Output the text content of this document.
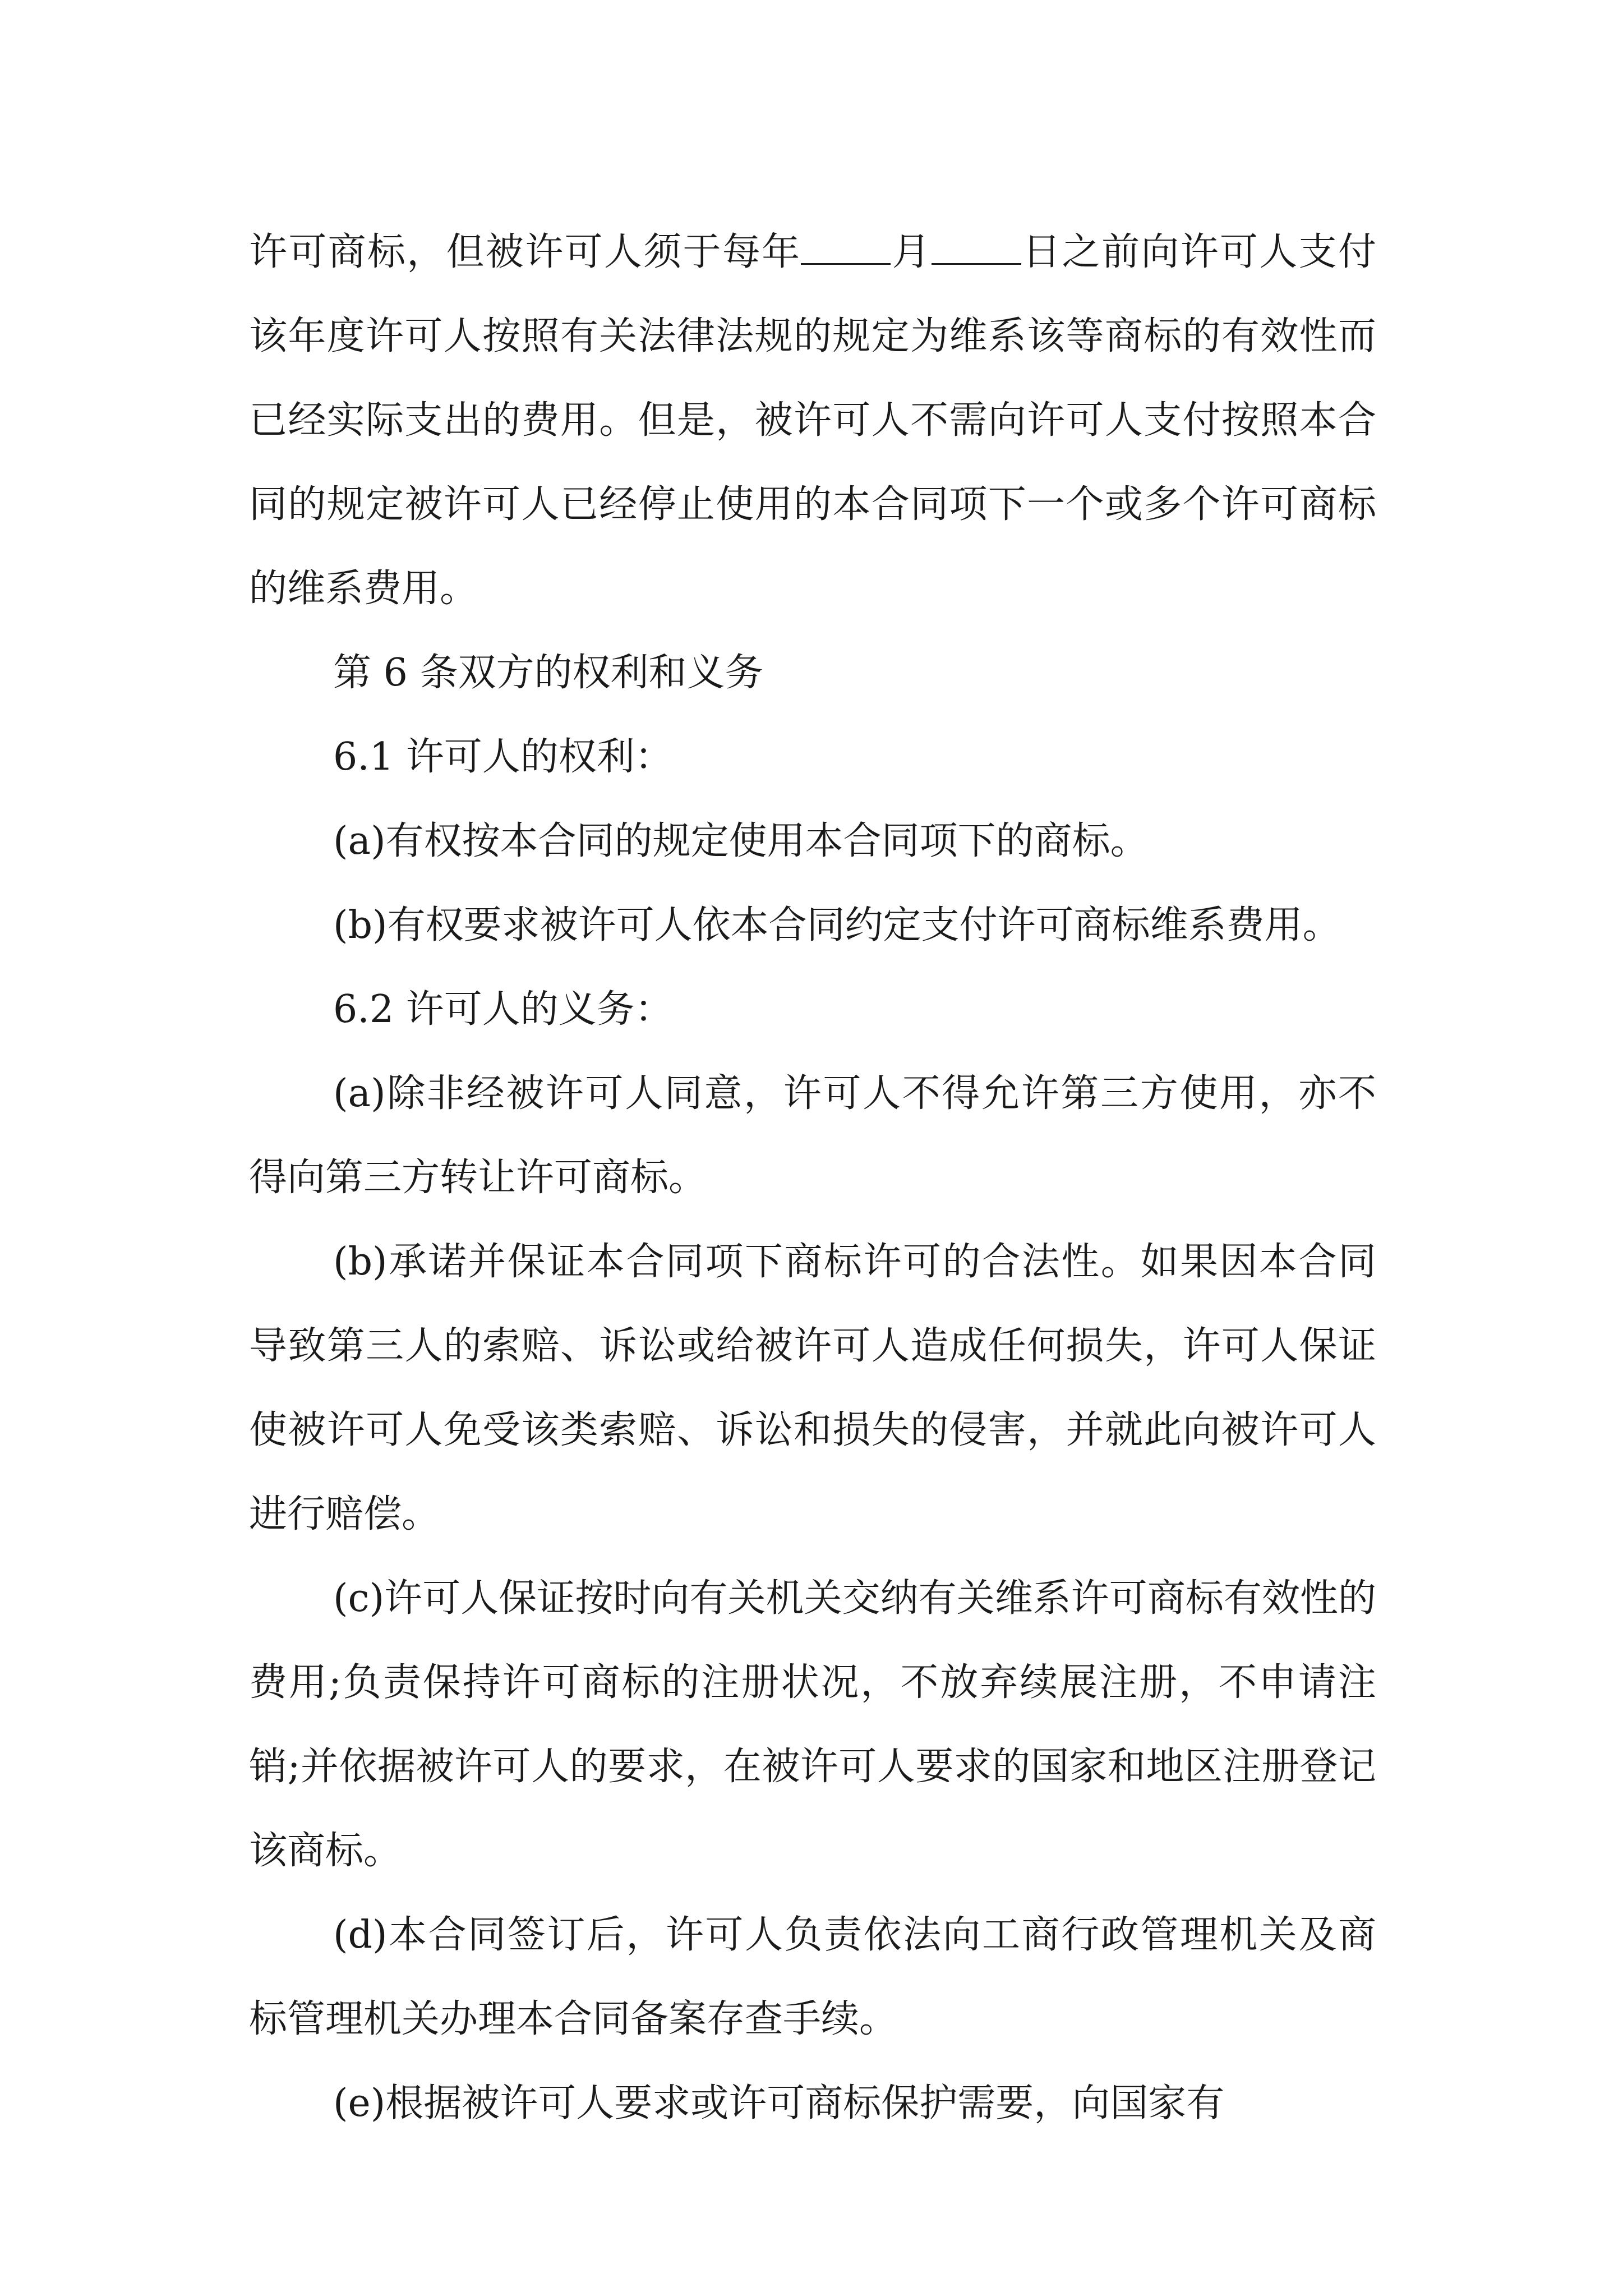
许可商标，但被许可人须于每年 月 日之前向许可人支付该年度许可人按照有关法律法规的规定为维系该等商标的有效性而已经实际支出的费用。但是，被许可人不需向许可人支付按照本合同的规定被许可人已经停止使用的本合同项下一个或多个许可商标的维系费用。

第 6 条双方的权利和义务

6.1 许可人的权利：

(a)有权按本合同的规定使用本合同项下的商标。

(b)有权要求被许可人依本合同约定支付许可商标维系费用。

6.2 许可人的义务：

(a)除非经被许可人同意，许可人不得允许第三方使用，亦不得向第三方转让许可商标。

(b)承诺并保证本合同项下商标许可的合法性。如果因本合同导致第三人的索赔、诉讼或给被许可人造成任何损失，许可人保证使被许可人免受该类索赔、诉讼和损失的侵害，并就此向被许可人进行赔偿。

(c)许可人保证按时向有关机关交纳有关维系许可商标有效性的费用;负责保持许可商标的注册状况，不放弃续展注册，不申请注销;并依据被许可人的要求，在被许可人要求的国家和地区注册登记该商标。

(d)本合同签订后，许可人负责依法向工商行政管理机关及商标管理机关办理本合同备案存查手续。

(e)根据被许可人要求或许可商标保护需要，向国家有
